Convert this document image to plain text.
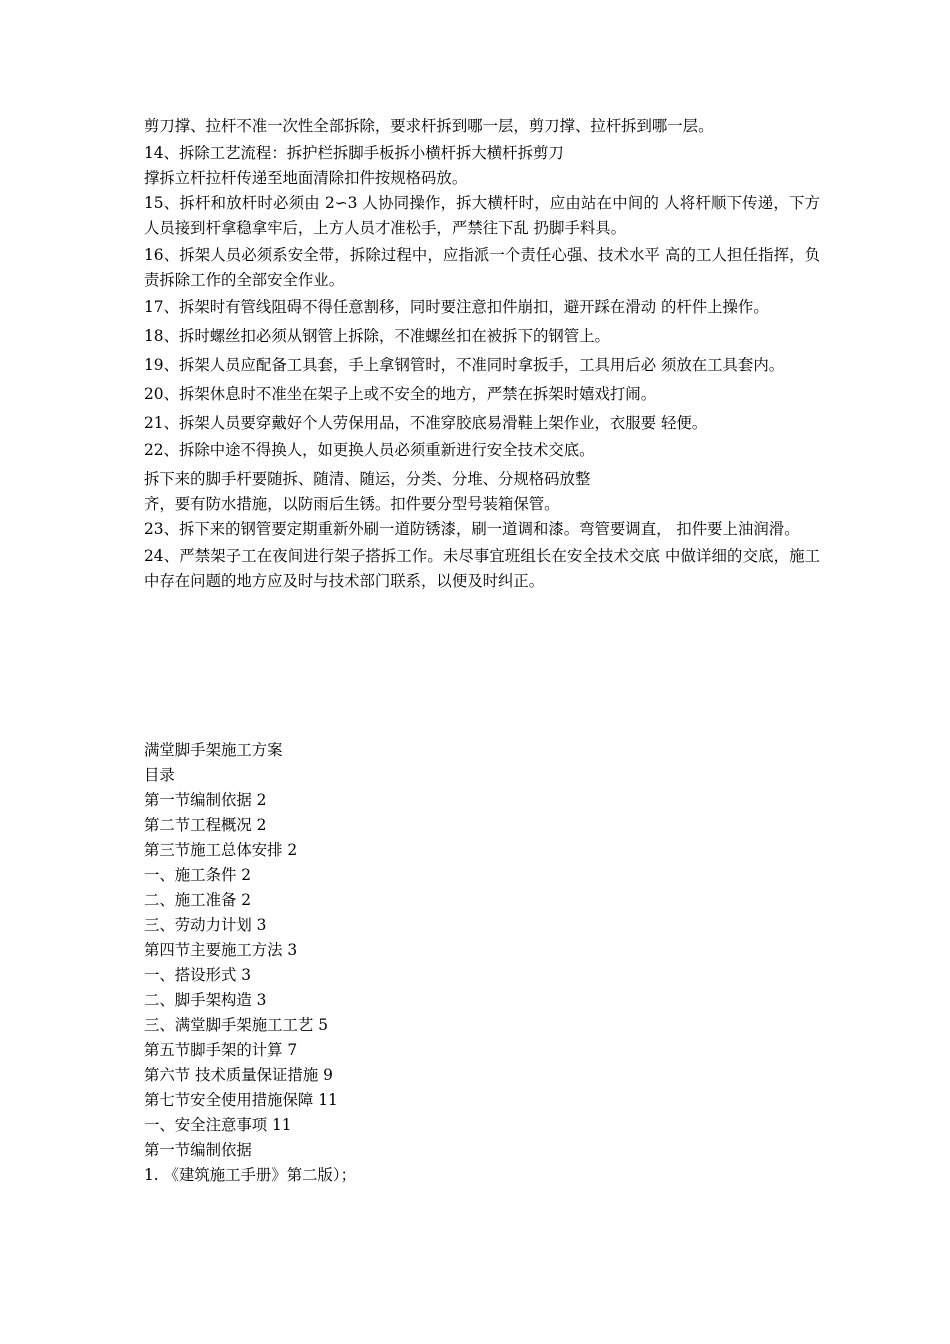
剪刀撑、拉杆不准一次性全部拆除，要求杆拆到哪一层，剪刀撑、拉杆拆到哪一层。

14、拆除工艺流程：拆护栏拆脚手板拆小横杆拆大横杆拆剪刀

撑拆立杆拉杆传递至地面清除扣件按规格码放。

15、拆杆和放杆时必须由 2∽3 人协同操作，拆大横杆时，应由站在中间的 人将杆顺下传递，下方人员接到杆拿稳拿牢后，上方人员才准松手，严禁往下乱 扔脚手料具。

16、拆架人员必须系安全带，拆除过程中，应指派一个责任心强、技术水平 高的工人担任指挥，负责拆除工作的全部安全作业。

17、拆架时有管线阻碍不得任意割移，同时要注意扣件崩扣，避开踩在滑动 的杆件上操作。

18、拆时螺丝扣必须从钢管上拆除，不准螺丝扣在被拆下的钢管上。

19、拆架人员应配备工具套，手上拿钢管时，不准同时拿扳手，工具用后必 须放在工具套内。

20、拆架休息时不准坐在架子上或不安全的地方，严禁在拆架时嬉戏打闹。

21、拆架人员要穿戴好个人劳保用品，不准穿胶底易滑鞋上架作业，衣服要 轻便。

22、拆除中途不得换人，如更换人员必须重新进行安全技术交底。

拆下来的脚手杆要随拆、随清、随运，分类、分堆、分规格码放整

齐，要有防水措施，以防雨后生锈。扣件要分型号装箱保管。

23、拆下来的钢管要定期重新外刷一道防锈漆，刷一道调和漆。弯管要调直， 扣件要上油润滑。

24、严禁架子工在夜间进行架子搭拆工作。未尽事宜班组长在安全技术交底 中做详细的交底，施工中存在问题的地方应及时与技术部门联系，以便及时纠正。

满堂脚手架施工方案

目录

第一节编制依据 2

第二节工程概况 2

第三节施工总体安排 2

一、施工条件 2

二、施工准备 2

三、劳动力计划 3

第四节主要施工方法 3

一、搭设形式 3

二、脚手架构造 3

三、满堂脚手架施工工艺 5

第五节脚手架的计算 7

第六节 技术质量保证措施 9

第七节安全使用措施保障 11

一、安全注意事项 11

第一节编制依据

1. 《建筑施工手册》第二版）；
